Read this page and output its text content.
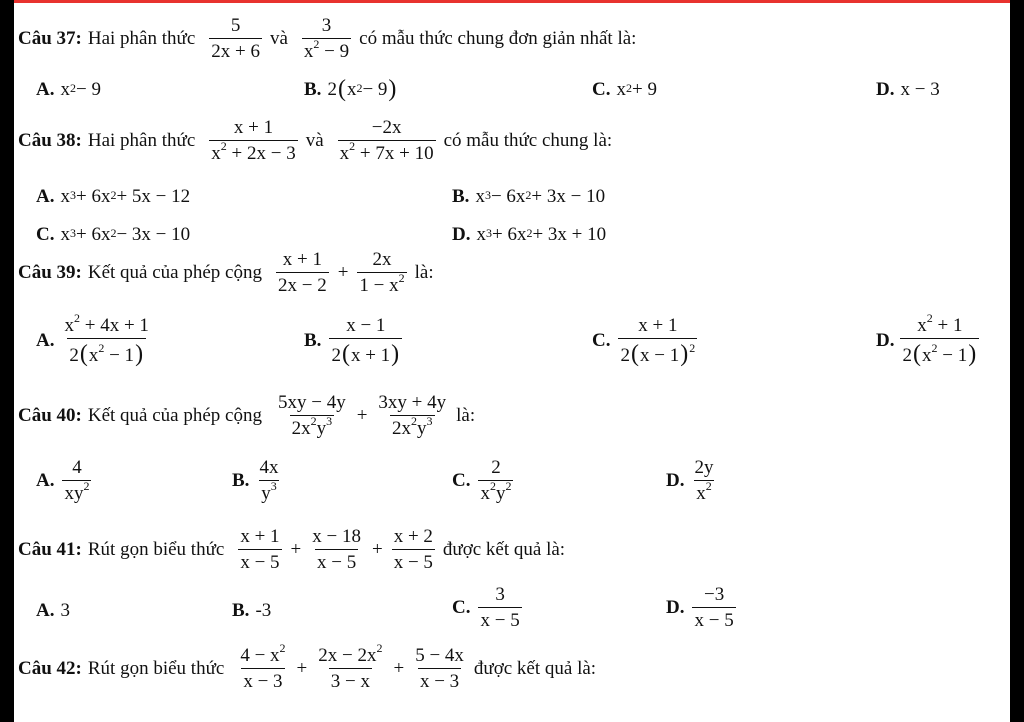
Câu 37: Hai phân thức $\frac{5}{2x + 6}$ và $\frac{3}{x^2 - 9}$ có mẫu thức chung đơn giản nhất là:
A. $x^2 - 9$	B. 2 ( $x^2 - 9$ )	C. $x^2 + 9$	D. x − 3
Câu 38: Hai phân thức $\frac{x + 1}{x^2 + 2x - 3}$ và $\frac{-2x}{x^2 + 7x + 10}$ có mẫu thức chung là:
A. $x^3 + 6x^2 + 5x - 12$	B. $x^3 - 6x^2 + 3x - 10$
C. $x^3 + 6x^2 - 3x - 10$	D. $x^3 + 6x^2 + 3x + 10$
Câu 39: Kết quả của phép cộng $\frac{x + 1}{2x - 2} + \frac{2x}{1 - x^2}$ là:
A. $\frac{x^2 + 4x + 1}{2(x^2 - 1)}$	B. $\frac{x - 1}{2(x + 1)}$	C. $\frac{x + 1}{2(x - 1)^2}$	D. $\frac{x^2 + 1}{2(x^2 - 1)}$
Câu 40: Kết quả của phép cộng $\frac{5xy - 4y}{2x^2y^3} + \frac{3xy + 4y}{2x^2y^3}$ là:
A. $\frac{4}{xy^2}$	B. $\frac{4x}{y^3}$	C. $\frac{2}{x^2y^2}$	D. $\frac{2y}{x^2}$
Câu 41: Rút gọn biểu thức $\frac{x + 1}{x - 5} + \frac{x - 18}{x - 5} + \frac{x + 2}{x - 5}$ được kết quả là:
A. 3	B. -3	C. $\frac{3}{x - 5}$	D. $\frac{-3}{x - 5}$
Câu 42: Rút gọn biểu thức $\frac{4 - x^2}{x - 3} + \frac{2x - 2x^2}{3 - x} + \frac{5 - 4x}{x - 3}$ được kết quả là:
